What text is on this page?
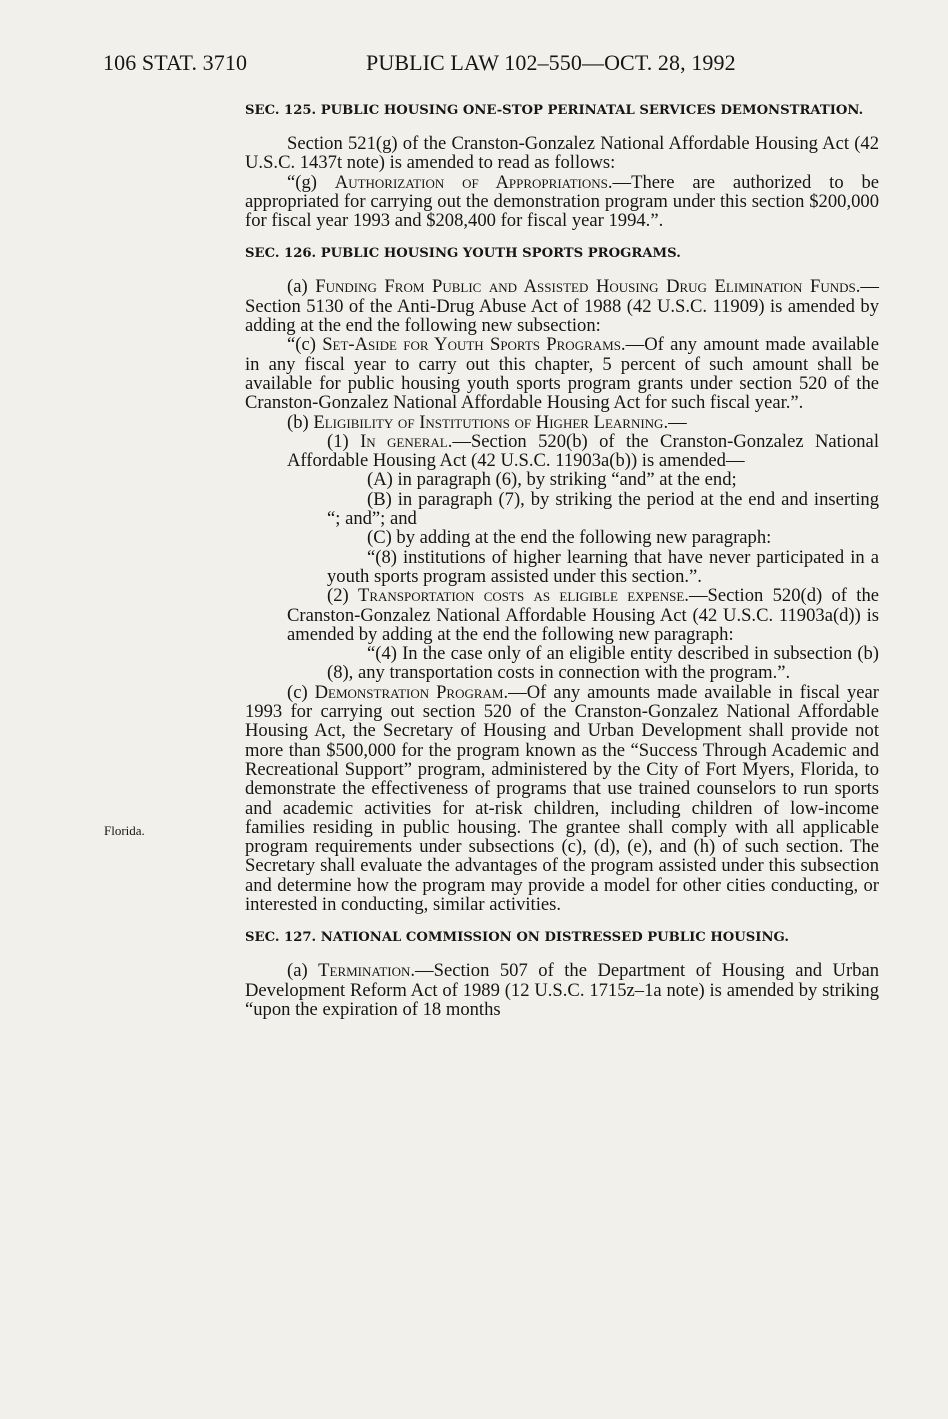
106 STAT. 3710	PUBLIC LAW 102–550—OCT. 28, 1992
Florida.

SEC. 125. PUBLIC HOUSING ONE-STOP PERINATAL SERVICES DEMONSTRATION.

Section 521(g) of the Cranston-Gonzalez National Affordable Housing Act (42 U.S.C. 1437t note) is amended to read as follows:

“(g) Authorization of Appropriations.—There are authorized to be appropriated for carrying out the demonstration program under this section $200,000 for fiscal year 1993 and $208,400 for fiscal year 1994.”.

SEC. 126. PUBLIC HOUSING YOUTH SPORTS PROGRAMS.

(a) Funding From Public and Assisted Housing Drug Elimination Funds.—Section 5130 of the Anti-Drug Abuse Act of 1988 (42 U.S.C. 11909) is amended by adding at the end the following new subsection:

“(c) Set-Aside for Youth Sports Programs.—Of any amount made available in any fiscal year to carry out this chapter, 5 percent of such amount shall be available for public housing youth sports program grants under section 520 of the Cranston-Gonzalez National Affordable Housing Act for such fiscal year.”.

(b) Eligibility of Institutions of Higher Learning.—

(1) In general.—Section 520(b) of the Cranston-Gonzalez National Affordable Housing Act (42 U.S.C. 11903a(b)) is amended—

(A) in paragraph (6), by striking “and” at the end;

(B) in paragraph (7), by striking the period at the end and inserting “; and”; and

(C) by adding at the end the following new paragraph:

“(8) institutions of higher learning that have never participated in a youth sports program assisted under this section.”.

(2) Transportation costs as eligible expense.—Section 520(d) of the Cranston-Gonzalez National Affordable Housing Act (42 U.S.C. 11903a(d)) is amended by adding at the end the following new paragraph:

“(4) In the case only of an eligible entity described in subsection (b)(8), any transportation costs in connection with the program.”.

(c) Demonstration Program.—Of any amounts made available in fiscal year 1993 for carrying out section 520 of the Cranston-Gonzalez National Affordable Housing Act, the Secretary of Housing and Urban Development shall provide not more than $500,000 for the program known as the “Success Through Academic and Recreational Support” program, administered by the City of Fort Myers, Florida, to demonstrate the effectiveness of programs that use trained counselors to run sports and academic activities for at-risk children, including children of low-income families residing in public housing. The grantee shall comply with all applicable program requirements under subsections (c), (d), (e), and (h) of such section. The Secretary shall evaluate the advantages of the program assisted under this subsection and determine how the program may provide a model for other cities conducting, or interested in conducting, similar activities.

SEC. 127. NATIONAL COMMISSION ON DISTRESSED PUBLIC HOUSING.

(a) Termination.—Section 507 of the Department of Housing and Urban Development Reform Act of 1989 (12 U.S.C. 1715z–1a note) is amended by striking “upon the expiration of 18 months
